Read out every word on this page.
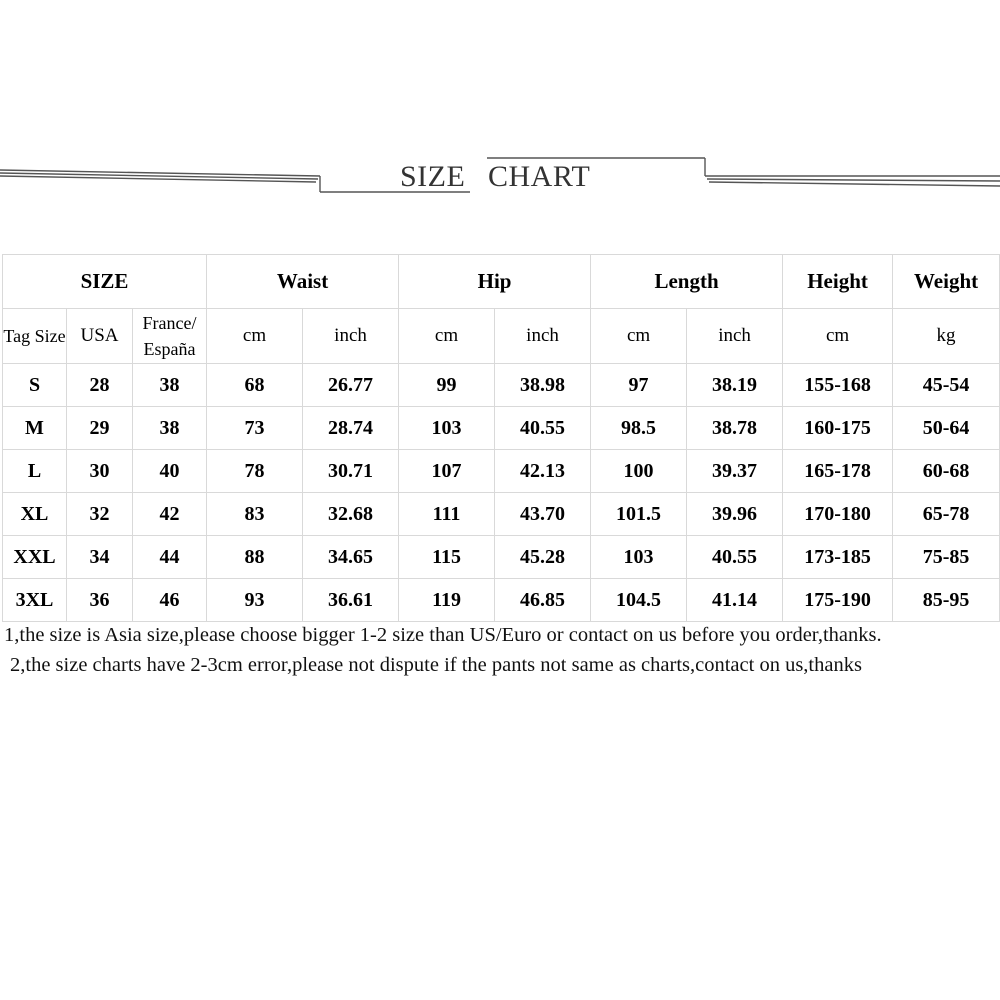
SIZE CHART
SIZE			Waist		Hip		Length		Height	Weight
Tag Size	USA	France/ España	cm	inch	cm	inch	cm	inch	cm	kg
S	28	38	68	26.77	99	38.98	97	38.19	155-168	45-54
M	29	38	73	28.74	103	40.55	98.5	38.78	160-175	50-64
L	30	40	78	30.71	107	42.13	100	39.37	165-178	60-68
XL	32	42	83	32.68	111	43.70	101.5	39.96	170-180	65-78
XXL	34	44	88	34.65	115	45.28	103	40.55	173-185	75-85
3XL	36	46	93	36.61	119	46.85	104.5	41.14	175-190	85-95
1,the size is Asia size,please choose bigger 1-2 size than US/Euro or contact on us before you order,thanks.
2,the size charts have 2-3cm error,please not dispute if the pants not same as charts,contact on us,thanks
